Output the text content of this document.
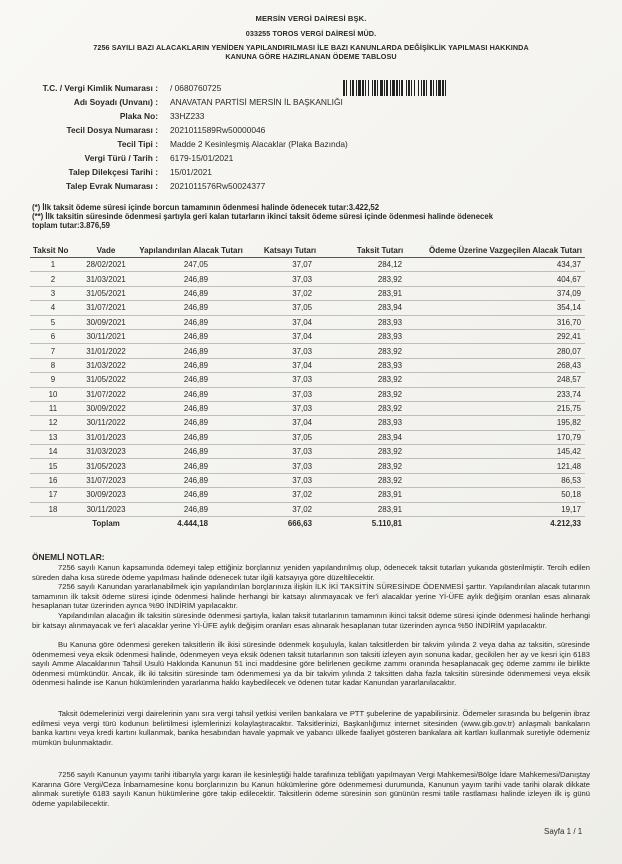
MERSİN VERGİ DAİRESİ BŞK.
033255 TOROS VERGİ DAİRESİ MÜD.
7256 SAYILI BAZI ALACAKLARIN YENİDEN YAPILANDIRILMASI İLE BAZI KANUNLARDA DEĞİŞİKLİK YAPILMASI HAKKINDA
KANUNA GÖRE HAZIRLANAN ÖDEME TABLOSU
T.C. / Vergi Kimlik Numarası : / 0680760725
Adı Soyadı (Unvanı) : ANAVATAN PARTİSİ MERSİN İL BAŞKANLIĞI
Plaka No: 33HZ233
Tecil Dosya Numarası : 2021011589Rw50000046
Tecil Tipi : Madde 2 Kesinleşmiş Alacaklar (Plaka Bazında)
Vergi Türü / Tarih : 6179-15/01/2021
Talep Dilekçesi Tarihi : 15/01/2021
Talep Evrak Numarası : 2021011576Rw50024377
(*) İlk taksit ödeme süresi içinde borcun tamamının ödenmesi halinde ödenecek tutar:3.422,52
(**) İlk taksitin süresinde ödenmesi şartıyla geri kalan tutarların ikinci taksit ödeme süresi içinde ödenmesi halinde ödenecek
toplam tutar:3.876,59
Taksit No	Vade	Yapılandırılan Alacak Tutarı	Katsayı Tutarı	Taksit Tutarı	Ödeme Üzerine Vazgeçilen Alacak Tutarı
1	28/02/2021	247,05	37,07	284,12	434,37
2	31/03/2021	246,89	37,03	283,92	404,67
3	31/05/2021	246,89	37,02	283,91	374,09
4	31/07/2021	246,89	37,05	283,94	354,14
5	30/09/2021	246,89	37,04	283,93	316,70
6	30/11/2021	246,89	37,04	283,93	292,41
7	31/01/2022	246,89	37,03	283,92	280,07
8	31/03/2022	246,89	37,04	283,93	268,43
9	31/05/2022	246,89	37,03	283,92	248,57
10	31/07/2022	246,89	37,03	283,92	233,74
11	30/09/2022	246,89	37,03	283,92	215,75
12	30/11/2022	246,89	37,04	283,93	195,82
13	31/01/2023	246,89	37,05	283,94	170,79
14	31/03/2023	246,89	37,03	283,92	145,42
15	31/05/2023	246,89	37,03	283,92	121,48
16	31/07/2023	246,89	37,03	283,92	86,53
17	30/09/2023	246,89	37,02	283,91	50,18
18	30/11/2023	246,89	37,02	283,91	19,17
	Toplam	4.444,18	666,63	5.110,81	4.212,33
ÖNEMLİ NOTLAR:
7256 sayılı Kanun kapsamında ödemeyi talep ettiğiniz borçlarınız yeniden yapılandırılmış olup, ödenecek taksit tutarları yukarıda gösterilmiştir. Tercih edilen süreden daha kısa sürede ödeme yapılması halinde ödenecek tutar ilgili katsayıya göre düzeltilecektir.
7256 sayılı Kanundan yararlanabilmek için yapılandırılan borçlarınıza ilişkin İLK İKİ TAKSİTİN SÜRESİNDE ÖDENMESİ şarttır. Yapılandırılan alacak tutarının tamamının ilk taksit ödeme süresi içinde ödenmesi halinde herhangi bir katsayı alınmayacak ve fer'i alacaklar yerine Yİ-ÜFE aylık değişim oranları esas alınarak hesaplanan tutar üzerinden ayrıca %90 İNDİRİM yapılacaktır.
Yapılandırılan alacağın ilk taksitin süresinde ödenmesi şartıyla, kalan taksit tutarlarının tamamının ikinci taksit ödeme süresi içinde ödenmesi halinde herhangi bir katsayı alınmayacak ve fer'i alacaklar yerine Yİ-ÜFE aylık değişim oranları esas alınarak hesaplanan tutar üzerinden ayrıca %50 İNDİRİM yapılacaktır.
Bu Kanuna göre ödenmesi gereken taksitlerin ilk ikisi süresinde ödenmek koşuluyla, kalan taksitlerden bir takvim yılında 2 veya daha az taksitin, süresinde ödenmemesi veya eksik ödenmesi halinde, ödenmeyen veya eksik ödenen taksit tutarlarının son taksiti izleyen ayın sonuna kadar, gecikilen her ay ve kesri için 6183 sayılı Amme Alacaklarının Tahsil Usulü Hakkında Kanunun 51 inci maddesine göre belirlenen gecikme zammı oranında hesaplanacak geç ödeme zammı ile birlikte ödenmesi mümkündür. Ancak, ilk iki taksitin süresinde tam ödenmemesi ya da bir takvim yılında 2 taksitten daha fazla taksitin süresinde ödenmemesi veya eksik ödenmesi halinde ise Kanun hükümlerinden yararlanma hakkı kaybedilecek ve ödenen tutar kadar Kanundan yararlanılacaktır.
Taksit ödemelerinizi vergi dairelerinin yanı sıra vergi tahsil yetkisi verilen bankalara ve PTT şubelerine de yapabilirsiniz. Ödemeler sırasında bu belgenin ibraz edilmesi veya vergi türü kodunun belirtilmesi işlemlerinizi kolaylaştıracaktır. Taksitlerinizi, Başkanlığımız internet sitesinden (www.gib.gov.tr) anlaşmalı bankaların banka kartını veya kredi kartını kullanmak, banka hesabından havale yapmak ve yabancı ülkede faaliyet gösteren bankalara ait kartları kullanmak suretiyle ödemeniz mümkün bulunmaktadır.
7256 sayılı Kanunun yayımı tarihi itibarıyla yargı kararı ile kesinleştiği halde tarafınıza tebliğatı yapılmayan Vergi Mahkemesi/Bölge İdare Mahkemesi/Danıştay Kararına Göre Vergi/Ceza İnbarnamesine konu borçlarınızın bu Kanun hükümlerine göre ödenmemesi durumunda, Kanunun yayım tarihi vade tarihi olarak dikkate alınmak suretiyle 6183 sayılı Kanun hükümlerine göre takip edilecektir. Taksitlerin ödeme süresinin son gününün resmi tatile rastlaması halinde izleyen ilk iş günü ödeme yapılabilecektir.
Sayfa 1 / 1
